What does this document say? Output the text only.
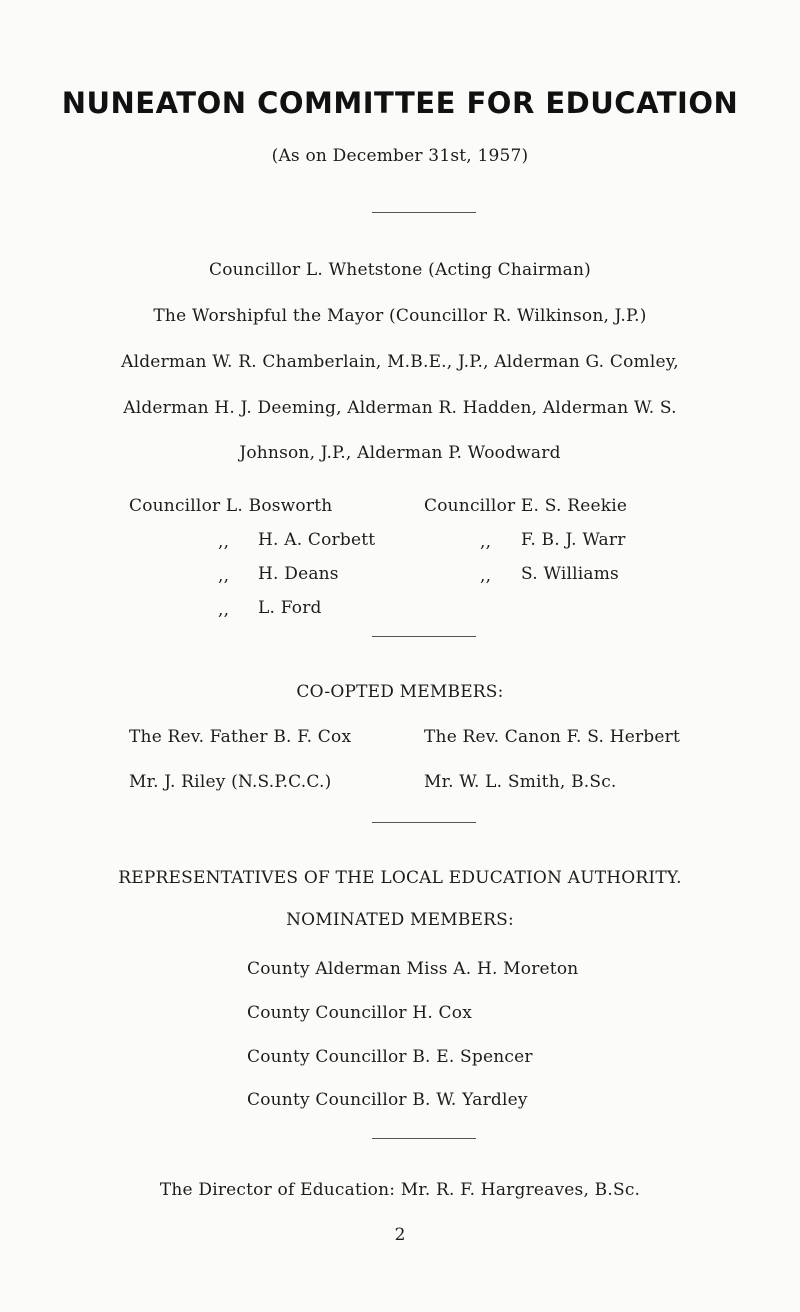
NUNEATON COMMITTEE FOR EDUCATION
(As on December 31st, 1957)
Councillor L. Whetstone (Acting Chairman)
The Worshipful the Mayor (Councillor R. Wilkinson, J.P.)
Alderman W. R. Chamberlain, M.B.E., J.P., Alderman G. Comley,
Alderman H. J. Deeming, Alderman R. Hadden, Alderman W. S.
Johnson, J.P., Alderman P. Woodward
Councillor L. Bosworth
H. A. Corbett
H. Deans
L. Ford
,,
,,
,,
Councillor E. S. Reekie
F. B. J. Warr
S. Williams
,,
,,
CO-OPTED MEMBERS:
The Rev. Father B. F. Cox
Mr. J. Riley (N.S.P.C.C.)
The Rev. Canon F. S. Herbert
Mr. W. L. Smith, B.Sc.
REPRESENTATIVES OF THE LOCAL EDUCATION AUTHORITY.
NOMINATED MEMBERS:
County Alderman Miss A. H. Moreton
County Councillor H. Cox
County Councillor B. E. Spencer
County Councillor B. W. Yardley
The Director of Education: Mr. R. F. Hargreaves, B.Sc.
2
